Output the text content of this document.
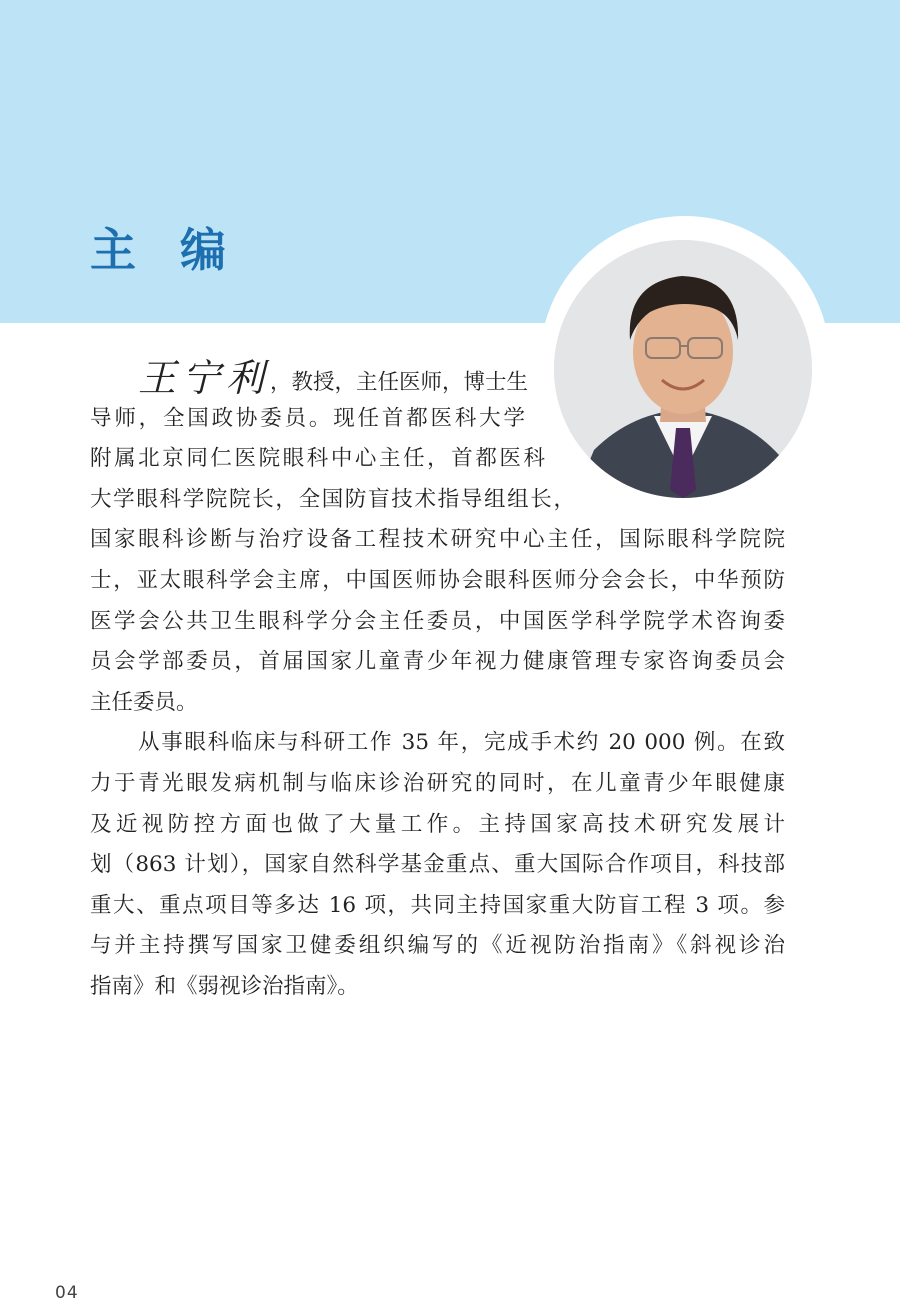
主 编
王宁利，教授，主任医师，博士生
导师，全国政协委员。现任首都医科大学
附属北京同仁医院眼科中心主任，首都医科
大学眼科学院院长，全国防盲技术指导组组长，
国家眼科诊断与治疗设备工程技术研究中心主任，国际眼科学院院
士，亚太眼科学会主席，中国医师协会眼科医师分会会长，中华预防
医学会公共卫生眼科学分会主任委员，中国医学科学院学术咨询委
员会学部委员，首届国家儿童青少年视力健康管理专家咨询委员会
主任委员。
从事眼科临床与科研工作 35 年，完成手术约 20 000 例。在致
力于青光眼发病机制与临床诊治研究的同时，在儿童青少年眼健康
及近视防控方面也做了大量工作。主持国家高技术研究发展计
划（863 计划），国家自然科学基金重点、重大国际合作项目，科技部
重大、重点项目等多达 16 项，共同主持国家重大防盲工程 3 项。参
与并主持撰写国家卫健委组织编写的《近视防治指南》《斜视诊治
指南》和《弱视诊治指南》。
04
